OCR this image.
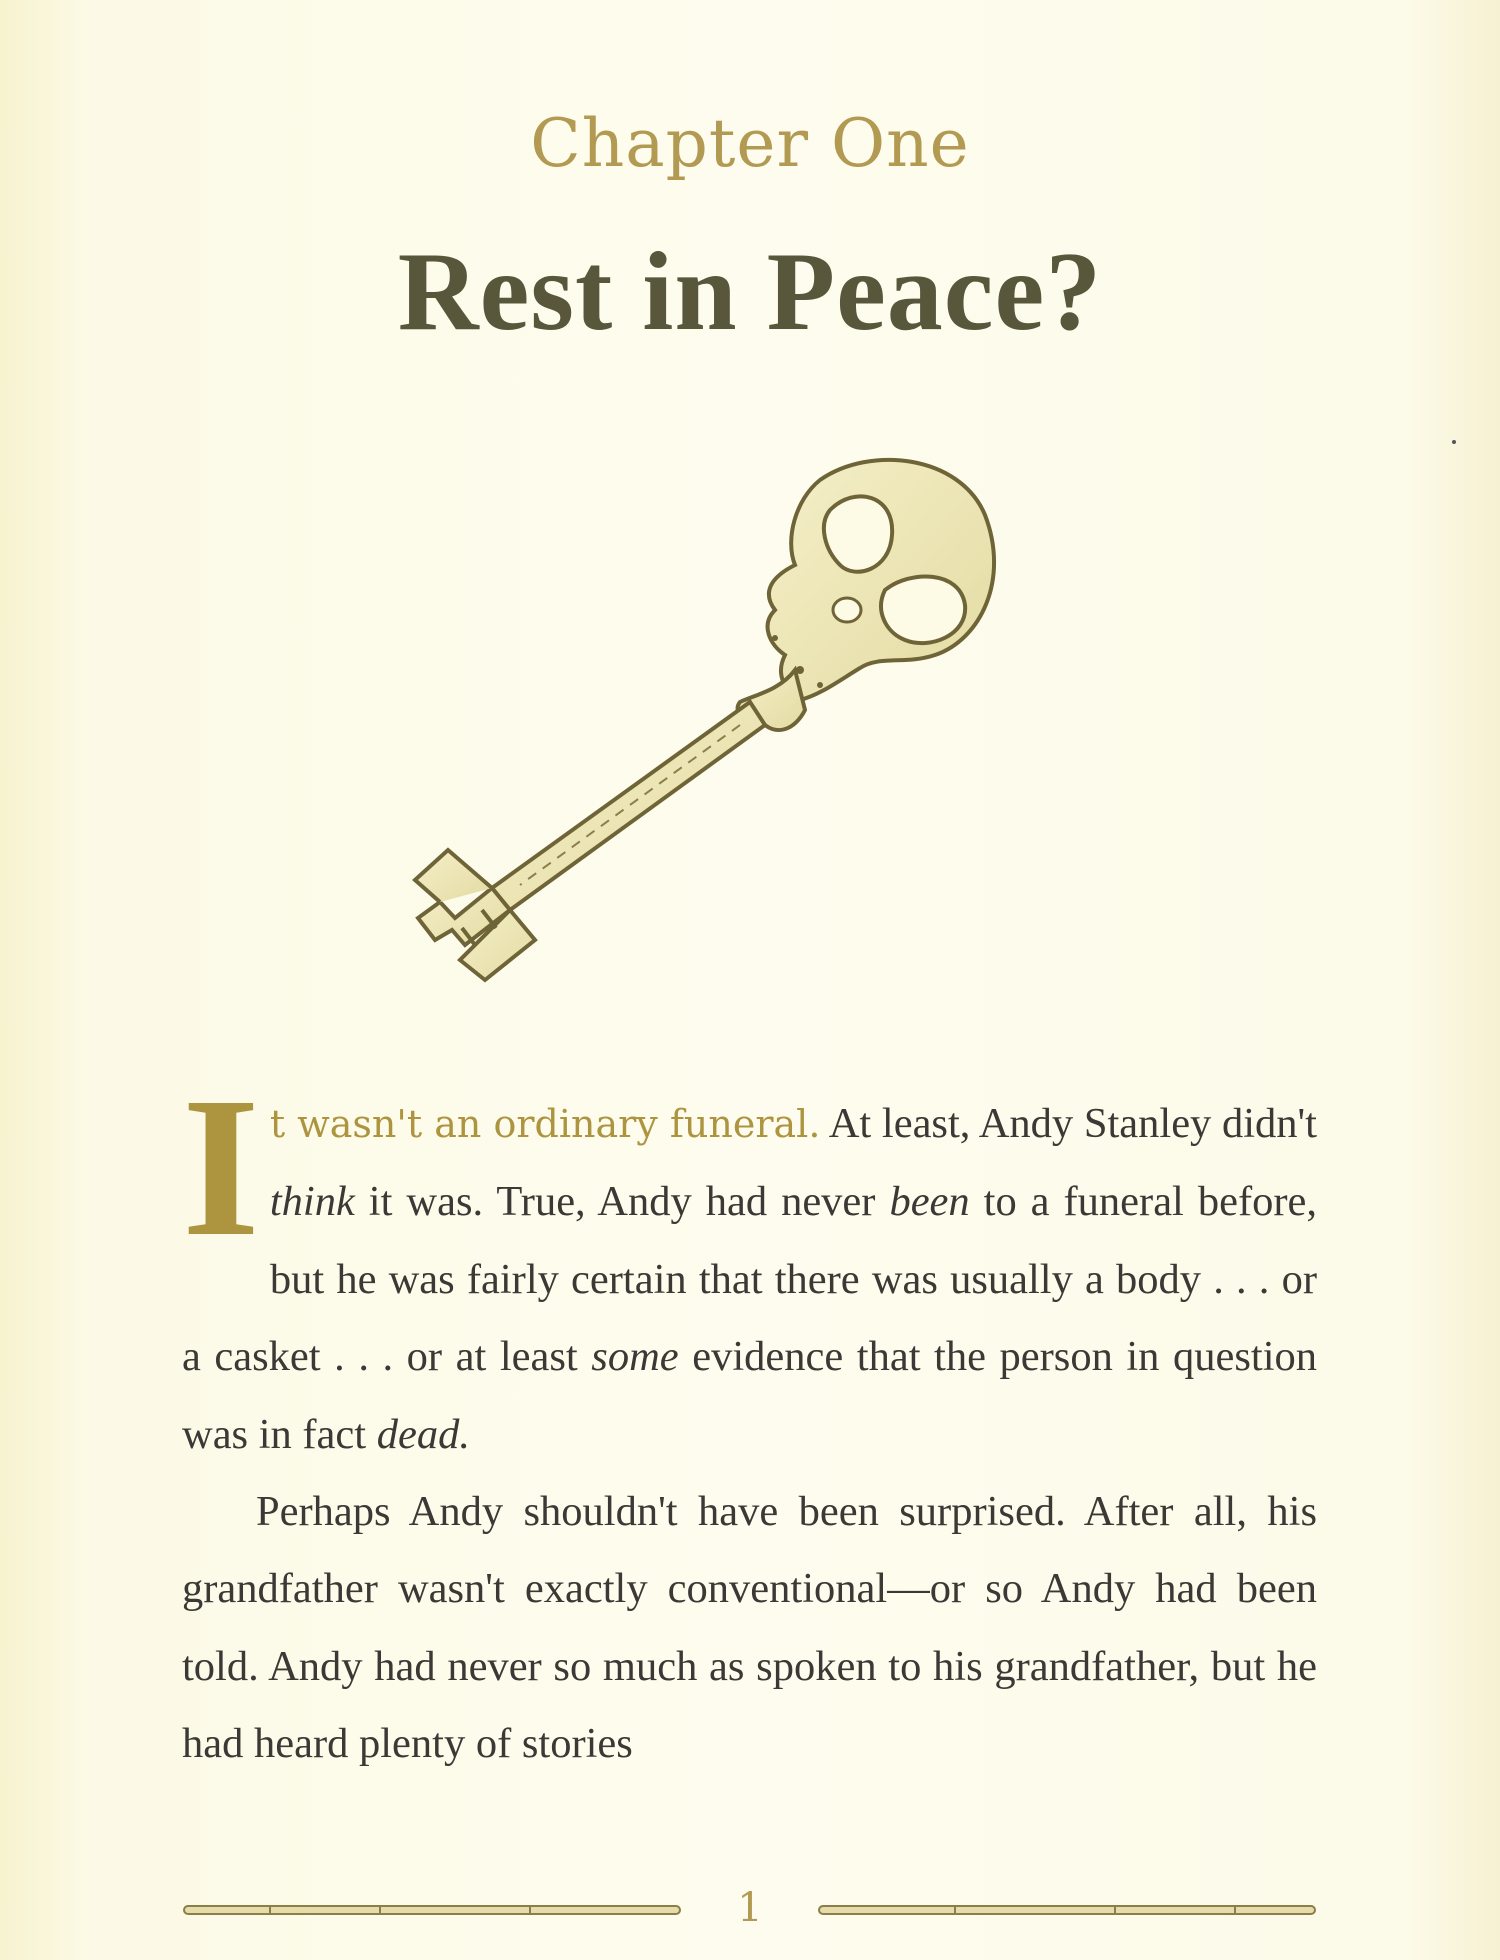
Chapter One
Rest in Peace?

It wasn't an ordinary funeral. At least, Andy Stanley didn't think it was. True, Andy had never been to a funeral before, but he was fairly certain that there was usually a body . . . or a casket . . . or at least some evidence that the person in question was in fact dead.

Perhaps Andy shouldn't have been surprised. After all, his grandfather wasn't exactly conventional—or so Andy had been told. Andy had never so much as spoken to his grandfather, but he had heard plenty of stories

1
